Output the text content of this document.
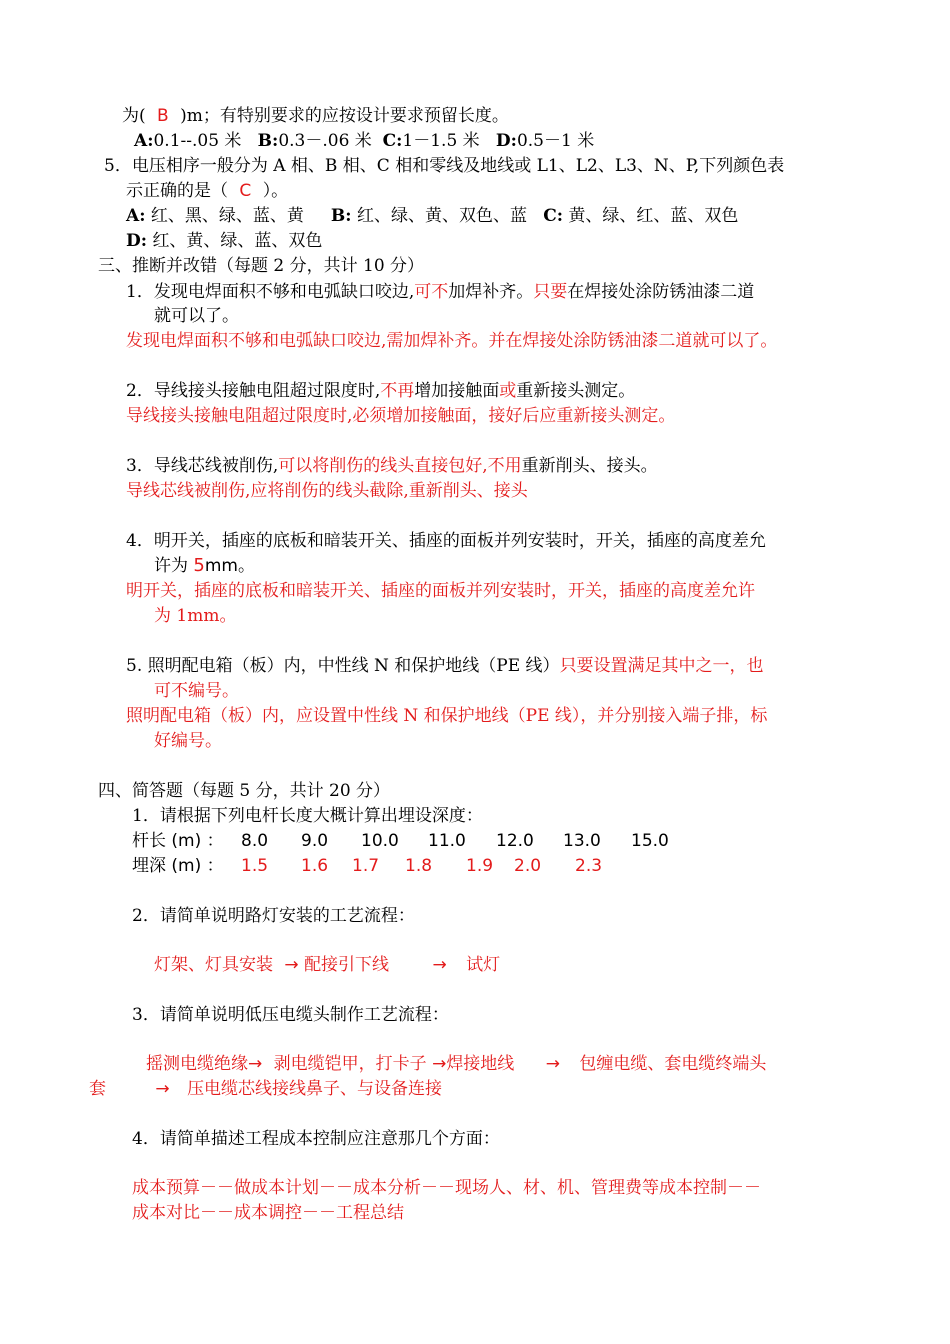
为( B )m；有特别要求的应按设计要求预留长度。
A:0.1--.05 米 B:0.3－.06 米 C:1－1.5 米 D:0.5－1 米
5．电压相序一般分为 A 相、B 相、C 相和零线及地线或 L1、L2、L3、N、P,下列颜色表
示正确的是（ C ）。
A: 红、黑、绿、蓝、黄 B: 红、绿、黄、双色、蓝 C: 黄、绿、红、蓝、双色
D: 红、黄、绿、蓝、双色
三、推断并改错（每题 2 分，共计 10 分）
1．发现电焊面积不够和电弧缺口咬边,可不加焊补齐。只要在焊接处涂防锈油漆二道
就可以了。
发现电焊面积不够和电弧缺口咬边,需加焊补齐。并在焊接处涂防锈油漆二道就可以了。
2．导线接头接触电阻超过限度时,不再增加接触面或重新接头测定。
导线接头接触电阻超过限度时,必须增加接触面，接好后应重新接头测定。
3．导线芯线被削伤,可以将削伤的线头直接包好,不用重新削头、接头。
导线芯线被削伤,应将削伤的线头截除,重新削头、接头
4．明开关，插座的底板和暗装开关、插座的面板并列安装时，开关，插座的高度差允
许为 5mm。
明开关，插座的底板和暗装开关、插座的面板并列安装时，开关，插座的高度差允许
为 1mm。
5. 照明配电箱（板）内，中性线 N 和保护地线（PE 线）只要设置满足其中之一，也
可不编号。
照明配电箱（板）内，应设置中性线 N 和保护地线（PE 线），并分别接入端子排，标
好编号。
四、简答题（每题 5 分，共计 20 分）
1．请根据下列电杆长度大概计算出埋设深度：
杆长 (m) ： 8.0 9.0 10.0 11.0 12.0 13.0 15.0
埋深 (m) ： 1.5 1.6 1.7 1.8 1.9 2.0 2.3
2．请简单说明路灯安装的工艺流程：
灯架、灯具安装 → 配接引下线	→ 试灯
3．请简单说明低压电缆头制作工艺流程：
摇测电缆绝缘→ 剥电缆铠甲，打卡子 →焊接地线 → 包缠电缆、套电缆终端头
套	→ 压电缆芯线接线鼻子、与设备连接
4．请简单描述工程成本控制应注意那几个方面：
成本预算－－做成本计划－－成本分析－－现场人、材、机、管理费等成本控制－－
成本对比－－成本调控－－工程总结
